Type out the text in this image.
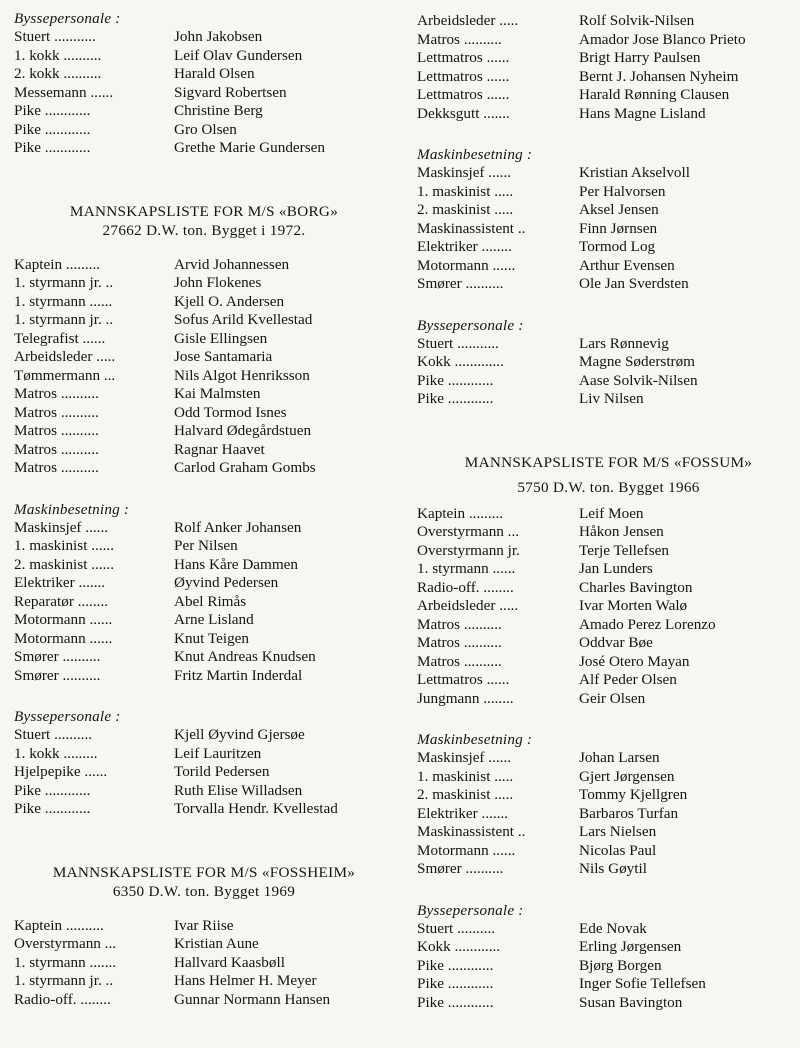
Byssepersonale :
Stuert ...........	John Jakobsen
1. kokk ..........	Leif Olav Gundersen
2. kokk ..........	Harald Olsen
Messemann ......	Sigvard Robertsen
Pike ............	Christine Berg
Pike ............	Gro Olsen
Pike ............	Grethe Marie Gundersen
MANNSKAPSLISTE FOR M/S «BORG»
27662 D.W. ton. Bygget i 1972.
Kaptein .........	Arvid Johannessen
1. styrmann jr. ..	John Flokenes
1. styrmann ......	Kjell O. Andersen
1. styrmann jr. ..	Sofus Arild Kvellestad
Telegrafist ......	Gisle Ellingsen
Arbeidsleder .....	Jose Santamaria
Tømmermann ...	Nils Algot Henriksson
Matros ..........	Kai Malmsten
Matros ..........	Odd Tormod Isnes
Matros ..........	Halvard Ødegårdstuen
Matros ..........	Ragnar Haavet
Matros ..........	Carlod Graham Gombs
Maskinbesetning :
Maskinsjef ......	Rolf Anker Johansen
1. maskinist ......	Per Nilsen
2. maskinist ......	Hans Kåre Dammen
Elektriker .......	Øyvind Pedersen
Reparatør ........	Abel Rimås
Motormann ......	Arne Lisland
Motormann ......	Knut Teigen
Smører ..........	Knut Andreas Knudsen
Smører ..........	Fritz Martin Inderdal
Byssepersonale :
Stuert ..........	Kjell Øyvind Gjersøe
1. kokk .........	Leif Lauritzen
Hjelpepike ......	Torild Pedersen
Pike ............	Ruth Elise Willadsen
Pike ............	Torvalla Hendr. Kvellestad
MANNSKAPSLISTE FOR M/S «FOSSHEIM»
6350 D.W. ton. Bygget 1969
Kaptein ..........	Ivar Riise
Overstyrmann ...	Kristian Aune
1. styrmann .......	Hallvard Kaasbøll
1. styrmann jr. ..	Hans Helmer H. Meyer
Radio-off. ........	Gunnar Normann Hansen
Arbeidsleder .....	Rolf Solvik-Nilsen
Matros ..........	Amador Jose Blanco Prieto
Lettmatros ......	Brigt Harry Paulsen
Lettmatros ......	Bernt J. Johansen Nyheim
Lettmatros ......	Harald Rønning Clausen
Dekksgutt .......	Hans Magne Lisland
Maskinbesetning :
Maskinsjef ......	Kristian Akselvoll
1. maskinist .....	Per Halvorsen
2. maskinist .....	Aksel Jensen
Maskinassistent ..	Finn Jørnsen
Elektriker ........	Tormod Log
Motormann ......	Arthur Evensen
Smører ..........	Ole Jan Sverdsten
Byssepersonale :
Stuert ...........	Lars Rønnevig
Kokk .............	Magne Søderstrøm
Pike ............	Aase Solvik-Nilsen
Pike ............	Liv Nilsen
MANNSKAPSLISTE FOR M/S «FOSSUM»
5750 D.W. ton. Bygget 1966
Kaptein .........	Leif Moen
Overstyrmann ...	Håkon Jensen
Overstyrmann jr.	Terje Tellefsen
1. styrmann ......	Jan Lunders
Radio-off. ........	Charles Bavington
Arbeidsleder .....	Ivar Morten Walø
Matros ..........	Amado Perez Lorenzo
Matros ..........	Oddvar Bøe
Matros ..........	José Otero Mayan
Lettmatros ......	Alf Peder Olsen
Jungmann ........	Geir Olsen
Maskinbesetning :
Maskinsjef ......	Johan Larsen
1. maskinist .....	Gjert Jørgensen
2. maskinist .....	Tommy Kjellgren
Elektriker .......	Barbaros Turfan
Maskinassistent ..	Lars Nielsen
Motormann ......	Nicolas Paul
Smører ..........	Nils Gøytil
Byssepersonale :
Stuert ..........	Ede Novak
Kokk ............	Erling Jørgensen
Pike ............	Bjørg Borgen
Pike ............	Inger Sofie Tellefsen
Pike ............	Susan Bavington
